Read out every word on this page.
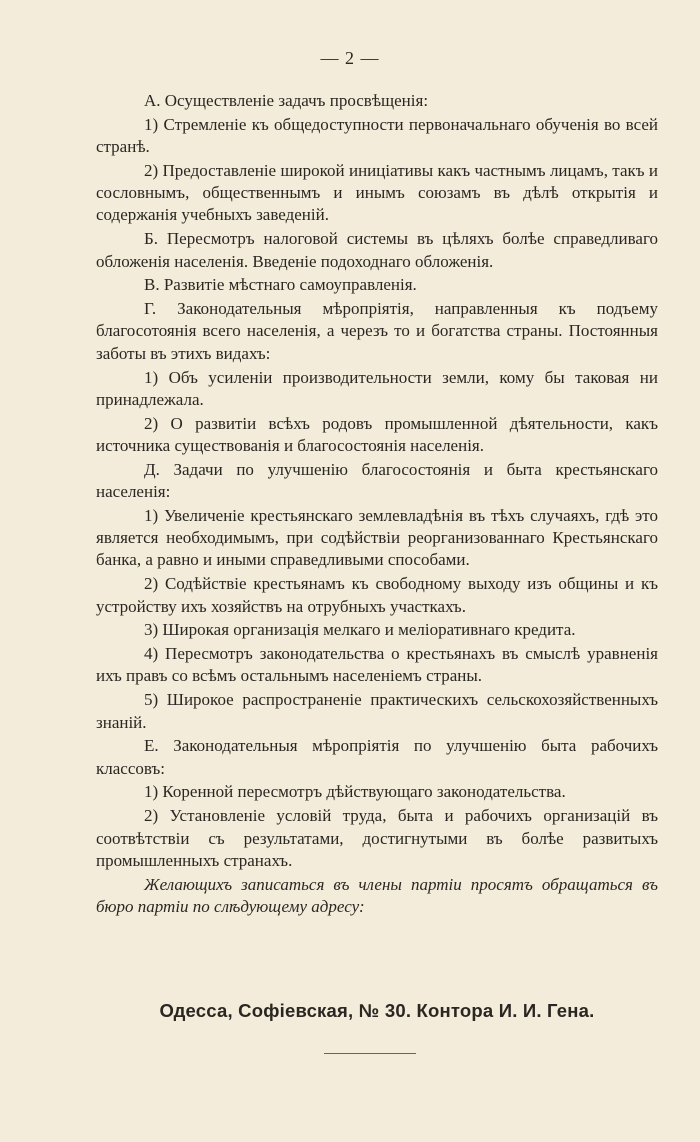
— 2 —

А. Осуществленіе задачъ просвѣщенія:

1) Стремленіе къ общедоступности первоначальнаго обученія во всей странѣ.

2) Предоставленіе широкой иниціативы какъ частнымъ лицамъ, такъ и сословнымъ, общественнымъ и инымъ союзамъ въ дѣлѣ открытія и содержанія учебныхъ заведеній.

Б. Пересмотръ налоговой системы въ цѣляхъ болѣе справедливаго обложенія населенія. Введеніе подоходнаго обложенія.

В. Развитіе мѣстнаго самоуправленія.

Г. Законодательныя мѣропріятія, направленныя къ подъему благосотоянія всего населенія, а черезъ то и богатства страны. Постоянныя заботы въ этихъ видахъ:

1) Объ усиленіи производительности земли, кому бы таковая ни принадлежала.

2) О развитіи всѣхъ родовъ промышленной дѣятельности, какъ источника существованія и благосостоянія населенія.

Д. Задачи по улучшенію благосостоянія и быта крестьянскаго населенія:

1) Увеличеніе крестьянскаго землевладѣнія въ тѣхъ случаяхъ, гдѣ это является необходимымъ, при содѣйствіи реорганизованнаго Крестьянскаго банка, а равно и иными справедливыми способами.

2) Содѣйствіе крестьянамъ къ свободному выходу изъ общины и къ устройству ихъ хозяйствъ на отрубныхъ участкахъ.

3) Широкая организація мелкаго и меліоративнаго кредита.

4) Пересмотръ законодательства о крестьянахъ въ смыслѣ уравненія ихъ правъ со всѣмъ остальнымъ населеніемъ страны.

5) Широкое распространеніе практическихъ сельскохозяйственныхъ знаній.

Е. Законодательныя мѣропріятія по улучшенію быта рабочихъ классовъ:

1) Коренной пересмотръ дѣйствующаго законодательства.

2) Установленіе условій труда, быта и рабочихъ организацій въ соотвѣтствіи съ результатами, достигнутыми въ болѣе развитыхъ промышленныхъ странахъ.

Желающихъ записаться въ члены партіи просятъ обращаться въ бюро партіи по слѣдующему адресу:

Одесса, Софіевская, № 30. Контора И. И. Гена.
